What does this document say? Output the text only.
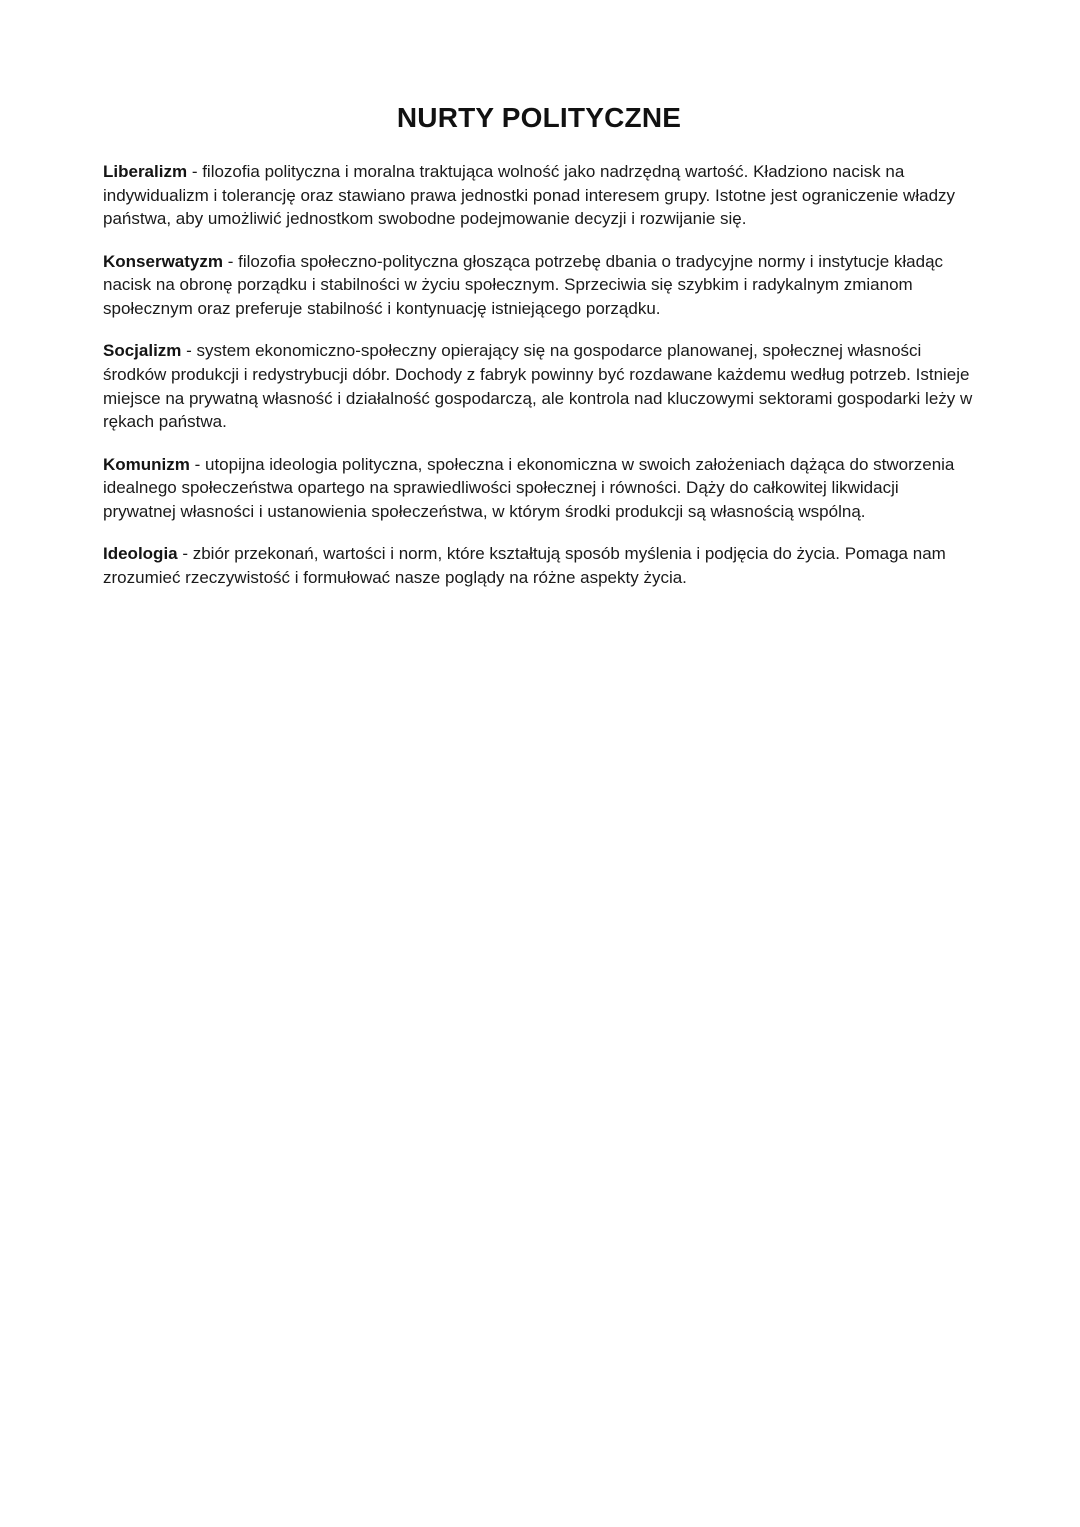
NURTY POLITYCZNE

Liberalizm - filozofia polityczna i moralna traktująca wolność jako nadrzędną wartość. Kładziono nacisk na indywidualizm i tolerancję oraz stawiano prawa jednostki ponad interesem grupy. Istotne jest ograniczenie władzy państwa, aby umożliwić jednostkom swobodne podejmowanie decyzji i rozwijanie się.

Konserwatyzm - filozofia społeczno-polityczna głosząca potrzebę dbania o tradycyjne normy i instytucje kładąc nacisk na obronę porządku i stabilności w życiu społecznym. Sprzeciwia się szybkim i radykalnym zmianom społecznym oraz preferuje stabilność i kontynuację istniejącego porządku.

Socjalizm - system ekonomiczno-społeczny opierający się na gospodarce planowanej, społecznej własności środków produkcji i redystrybucji dóbr. Dochody z fabryk powinny być rozdawane każdemu według potrzeb. Istnieje miejsce na prywatną własność i działalność gospodarczą, ale kontrola nad kluczowymi sektorami gospodarki leży w rękach państwa.

Komunizm - utopijna ideologia polityczna, społeczna i ekonomiczna w swoich założeniach dążąca do stworzenia idealnego społeczeństwa opartego na sprawiedliwości społecznej i równości. Dąży do całkowitej likwidacji prywatnej własności i ustanowienia społeczeństwa, w którym środki produkcji są własnością wspólną.

Ideologia - zbiór przekonań, wartości i norm, które kształtują sposób myślenia i podjęcia do życia. Pomaga nam zrozumieć rzeczywistość i formułować nasze poglądy na różne aspekty życia.
